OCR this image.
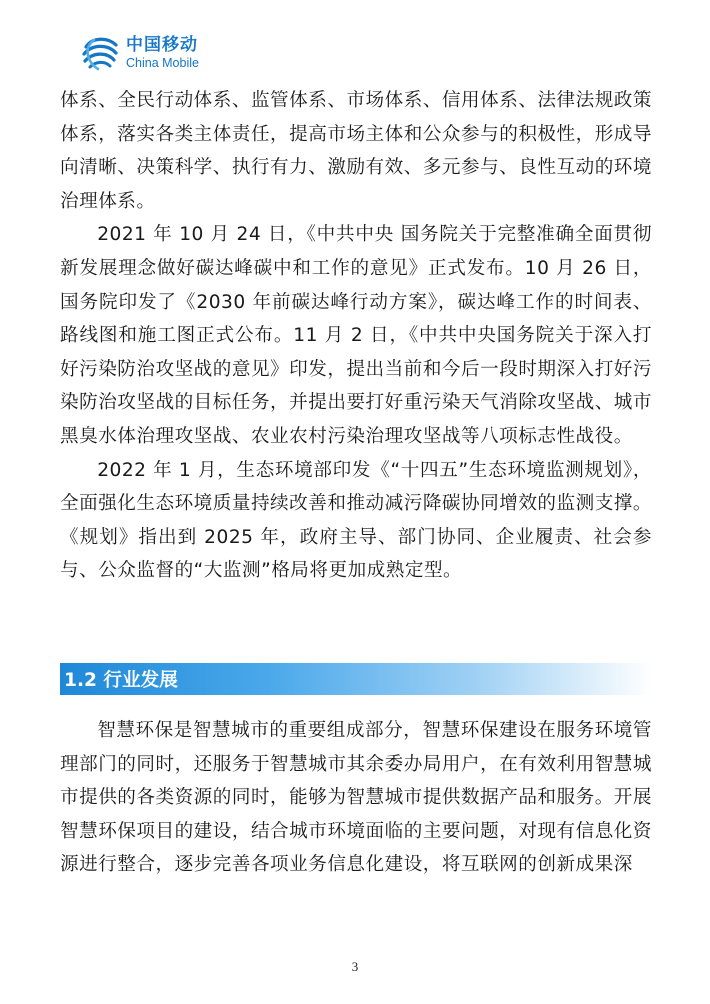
中国移动
China Mobile

体系、全民行动体系、监管体系、市场体系、信用体系、法律法规政策体系，落实各类主体责任，提高市场主体和公众参与的积极性，形成导向清晰、决策科学、执行有力、激励有效、多元参与、良性互动的环境治理体系。

2021 年 10 月 24 日，《中共中央 国务院关于完整准确全面贯彻新发展理念做好碳达峰碳中和工作的意见》正式发布。10 月 26 日，国务院印发了《2030 年前碳达峰行动方案》，碳达峰工作的时间表、路线图和施工图正式公布。11 月 2 日，《中共中央国务院关于深入打好污染防治攻坚战的意见》印发，提出当前和今后一段时期深入打好污染防治攻坚战的目标任务，并提出要打好重污染天气消除攻坚战、城市黑臭水体治理攻坚战、农业农村污染治理攻坚战等八项标志性战役。

2022 年 1 月，生态环境部印发《“十四五”生态环境监测规划》，全面强化生态环境质量持续改善和推动减污降碳协同增效的监测支撑。《规划》指出到 2025 年，政府主导、部门协同、企业履责、社会参与、公众监督的“大监测”格局将更加成熟定型。

1.2 行业发展

智慧环保是智慧城市的重要组成部分，智慧环保建设在服务环境管理部门的同时，还服务于智慧城市其余委办局用户，在有效利用智慧城市提供的各类资源的同时，能够为智慧城市提供数据产品和服务。开展智慧环保项目的建设，结合城市环境面临的主要问题，对现有信息化资源进行整合，逐步完善各项业务信息化建设，将互联网的创新成果深

3
